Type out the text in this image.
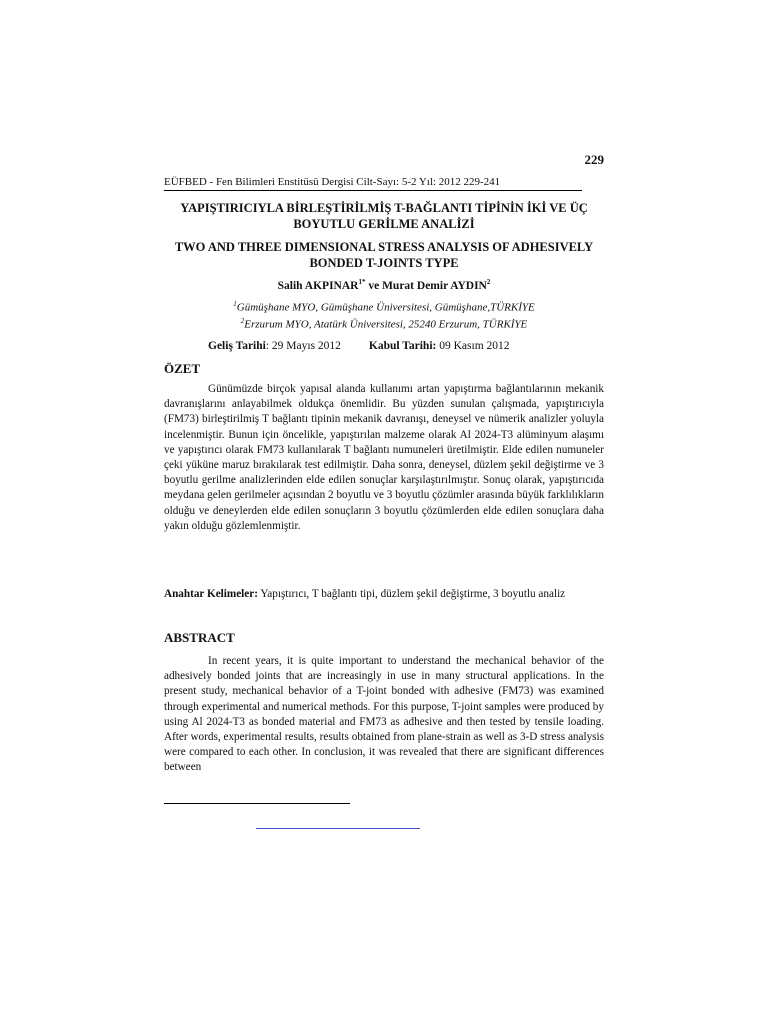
229
EÜFBED - Fen Bilimleri Enstitüsü Dergisi Cilt-Sayı: 5-2 Yıl: 2012 229-241
YAPIŞTIRICIYLA BİRLEŞTİRİLMİŞ T-BAĞLANTI TİPİNİN İKİ VE ÜÇ BOYUTLU GERİLME ANALİZİ
TWO AND THREE DIMENSIONAL STRESS ANALYSIS OF ADHESIVELY BONDED T-JOINTS TYPE
Salih $AKPINAR^{1*}$ ve Murat Demir AYDIN$^2$
$^1$Gümüşhane MYO, Gümüşhane Üniversitesi, Gümüşhane,TÜRKİYE
$^2$Erzurum MYO, Atatürk Üniversitesi, 25240 Erzurum, TÜRKİYE
Geliş Tarihi: 29 Mayıs 2012 Kabul Tarihi: 09 Kasım 2012
ÖZET
Günümüzde birçok yapısal alanda kullanımı artan yapıştırma bağlantılarının mekanik davranışlarını anlayabilmek oldukça önemlidir. Bu yüzden sunulan çalışmada, yapıştırıcıyla (FM73) birleştirilmiş T bağlantı tipinin mekanik davranışı, deneysel ve nümerik analizler yoluyla incelenmiştir. Bunun için öncelikle, yapıştırılan malzeme olarak Al 2024-T3 alüminyum alaşımı ve yapıştırıcı olarak FM73 kullanılarak T bağlantı numuneleri üretilmiştir. Elde edilen numuneler çeki yüküne maruz bırakılarak test edilmiştir. Daha sonra, deneysel, düzlem şekil değiştirme ve 3 boyutlu gerilme analizlerinden elde edilen sonuçlar karşılaştırılmıştır. Sonuç olarak, yapıştırıcıda meydana gelen gerilmeler açısından 2 boyutlu ve 3 boyutlu çözümler arasında büyük farklılıkların olduğu ve deneylerden elde edilen sonuçların 3 boyutlu çözümlerden elde edilen sonuçlara daha yakın olduğu gözlemlenmiştir.
Anahtar Kelimeler: Yapıştırıcı, T bağlantı tipi, düzlem şekil değiştirme, 3 boyutlu analiz
ABSTRACT
In recent years, it is quite important to understand the mechanical behavior of the adhesively bonded joints that are increasingly in use in many structural applications. In the present study, mechanical behavior of a T-joint bonded with adhesive (FM73) was examined through experimental and numerical methods. For this purpose, T-joint samples were produced by using Al 2024-T3 as bonded material and FM73 as adhesive and then tested by tensile loading. After words, experimental results, results obtained from plane-strain as well as 3-D stress analysis were compared to each other. In conclusion, it was revealed that there are significant differences between
